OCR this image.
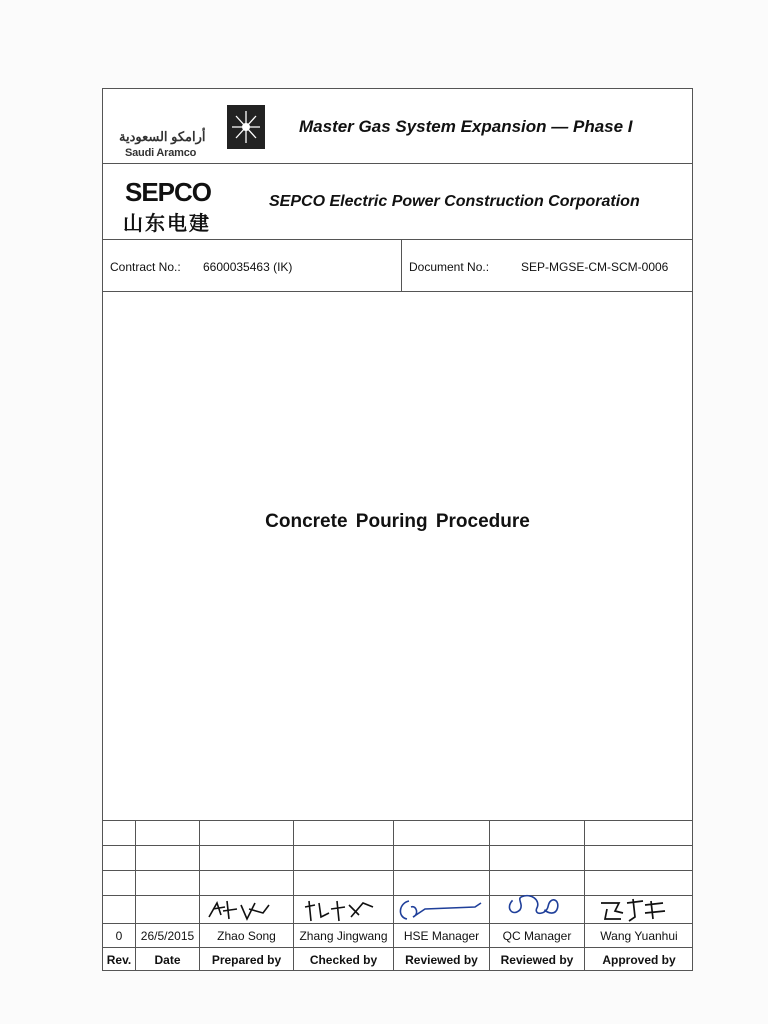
أرامكو السعودية
Saudi Aramco
Master Gas System Expansion — Phase I
SEPCO
山东电建
SEPCO Electric Power Construction Corporation
Contract No.: 6600035463 (IK)	Document No.:	SEP-MGSE-CM-SCM-0006
Concrete Pouring Procedure
0	26/5/2015	Zhao Song	Zhang Jingwang	HSE Manager	QC Manager	Wang Yuanhui
Rev.	Date	Prepared by	Checked by	Reviewed by	Reviewed by	Approved by
